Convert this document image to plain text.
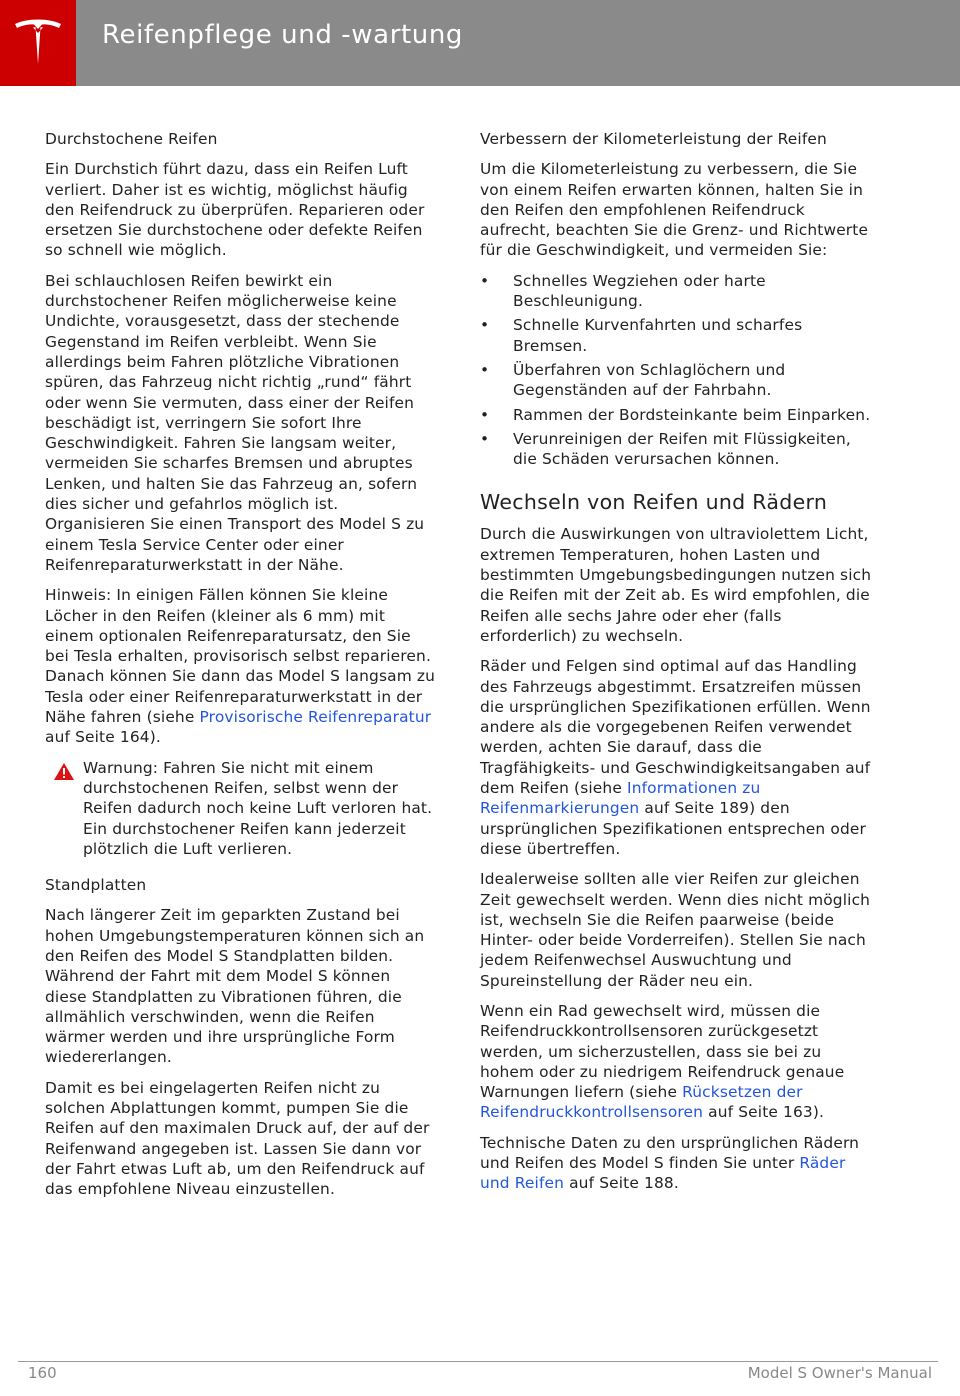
Reifenpflege und -wartung

Durchstochene Reifen

Ein Durchstich führt dazu, dass ein Reifen Luft verliert. Daher ist es wichtig, möglichst häufig den Reifendruck zu überprüfen. Reparieren oder ersetzen Sie durchstochene oder defekte Reifen so schnell wie möglich.

Bei schlauchlosen Reifen bewirkt ein durchstochener Reifen möglicherweise keine Undichte, vorausgesetzt, dass der stechende Gegenstand im Reifen verbleibt. Wenn Sie allerdings beim Fahren plötzliche Vibrationen spüren, das Fahrzeug nicht richtig „rund“ fährt oder wenn Sie vermuten, dass einer der Reifen beschädigt ist, verringern Sie sofort Ihre Geschwindigkeit. Fahren Sie langsam weiter, vermeiden Sie scharfes Bremsen und abruptes Lenken, und halten Sie das Fahrzeug an, sofern dies sicher und gefahrlos möglich ist. Organisieren Sie einen Transport des Model S zu einem Tesla Service Center oder einer Reifenreparaturwerkstatt in der Nähe.

Hinweis: In einigen Fällen können Sie kleine Löcher in den Reifen (kleiner als 6 mm) mit einem optionalen Reifenreparatursatz, den Sie bei Tesla erhalten, provisorisch selbst reparieren. Danach können Sie dann das Model S langsam zu Tesla oder einer Reifenreparaturwerkstatt in der Nähe fahren (siehe Provisorische Reifenreparatur auf Seite 164).

Warnung: Fahren Sie nicht mit einem durchstochenen Reifen, selbst wenn der Reifen dadurch noch keine Luft verloren hat. Ein durchstochener Reifen kann jederzeit plötzlich die Luft verlieren.

Standplatten

Nach längerer Zeit im geparkten Zustand bei hohen Umgebungstemperaturen können sich an den Reifen des Model S Standplatten bilden. Während der Fahrt mit dem Model S können diese Standplatten zu Vibrationen führen, die allmählich verschwinden, wenn die Reifen wärmer werden und ihre ursprüngliche Form wiedererlangen.

Damit es bei eingelagerten Reifen nicht zu solchen Abplattungen kommt, pumpen Sie die Reifen auf den maximalen Druck auf, der auf der Reifenwand angegeben ist. Lassen Sie dann vor der Fahrt etwas Luft ab, um den Reifendruck auf das empfohlene Niveau einzustellen.

Verbessern der Kilometerleistung der Reifen

Um die Kilometerleistung zu verbessern, die Sie von einem Reifen erwarten können, halten Sie in den Reifen den empfohlenen Reifendruck aufrecht, beachten Sie die Grenz- und Richtwerte für die Geschwindigkeit, und vermeiden Sie:

• Schnelles Wegziehen oder harte Beschleunigung.
• Schnelle Kurvenfahrten und scharfes Bremsen.
• Überfahren von Schlaglöchern und Gegenständen auf der Fahrbahn.
• Rammen der Bordsteinkante beim Einparken.
• Verunreinigen der Reifen mit Flüssigkeiten, die Schäden verursachen können.
Wechseln von Reifen und Rädern

Durch die Auswirkungen von ultraviolettem Licht, extremen Temperaturen, hohen Lasten und bestimmten Umgebungsbedingungen nutzen sich die Reifen mit der Zeit ab. Es wird empfohlen, die Reifen alle sechs Jahre oder eher (falls erforderlich) zu wechseln.

Räder und Felgen sind optimal auf das Handling des Fahrzeugs abgestimmt. Ersatzreifen müssen die ursprünglichen Spezifikationen erfüllen. Wenn andere als die vorgegebenen Reifen verwendet werden, achten Sie darauf, dass die Tragfähigkeits- und Geschwindigkeitsangaben auf dem Reifen (siehe Informationen zu Reifenmarkierungen auf Seite 189) den ursprünglichen Spezifikationen entsprechen oder diese übertreffen.

Idealerweise sollten alle vier Reifen zur gleichen Zeit gewechselt werden. Wenn dies nicht möglich ist, wechseln Sie die Reifen paarweise (beide Hinter- oder beide Vorderreifen). Stellen Sie nach jedem Reifenwechsel Auswuchtung und Spureinstellung der Räder neu ein.

Wenn ein Rad gewechselt wird, müssen die Reifendruckkontrollsensoren zurückgesetzt werden, um sicherzustellen, dass sie bei zu hohem oder zu niedrigem Reifendruck genaue Warnungen liefern (siehe Rücksetzen der Reifendruckkontrollsensoren auf Seite 163).

Technische Daten zu den ursprünglichen Rädern und Reifen des Model S finden Sie unter Räder und Reifen auf Seite 188.

160	Model S Owner's Manual
